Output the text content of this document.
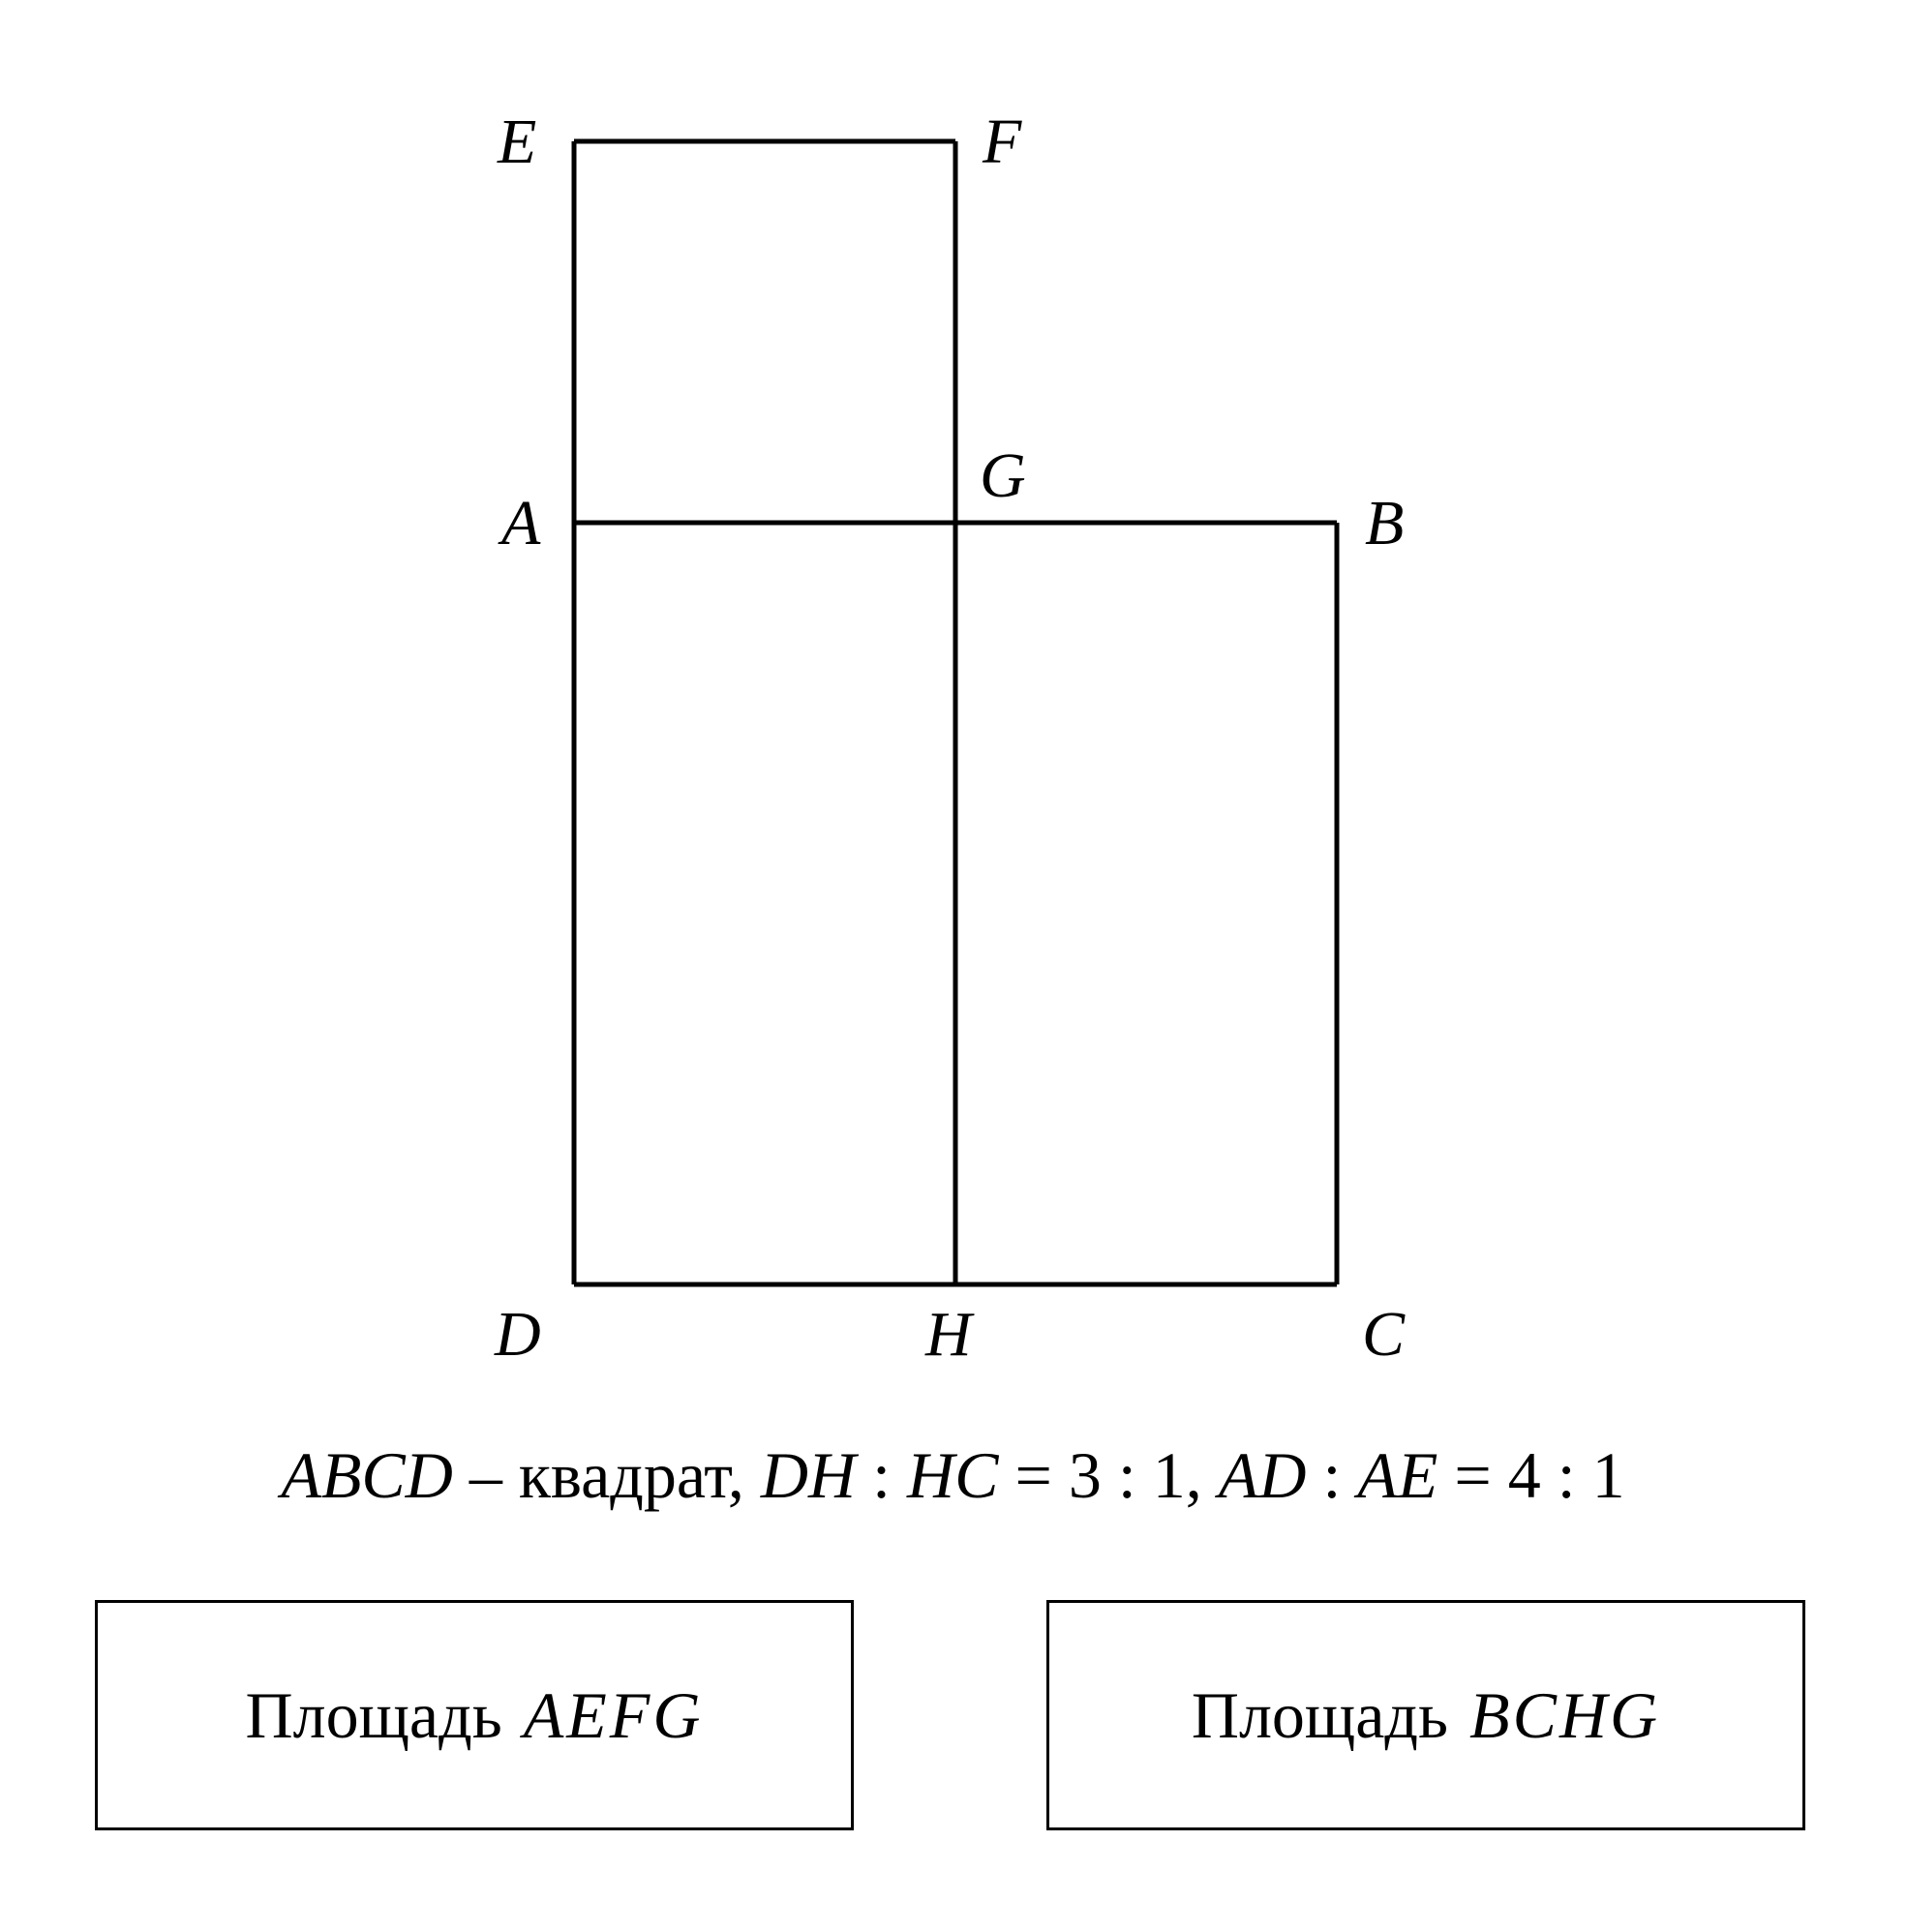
E	F
G
A	B
D	H	C
ABCD – квадрат, DH : HC = 3 : 1, AD : AE = 4 : 1
Площадь AEFG	Площадь BCHG
